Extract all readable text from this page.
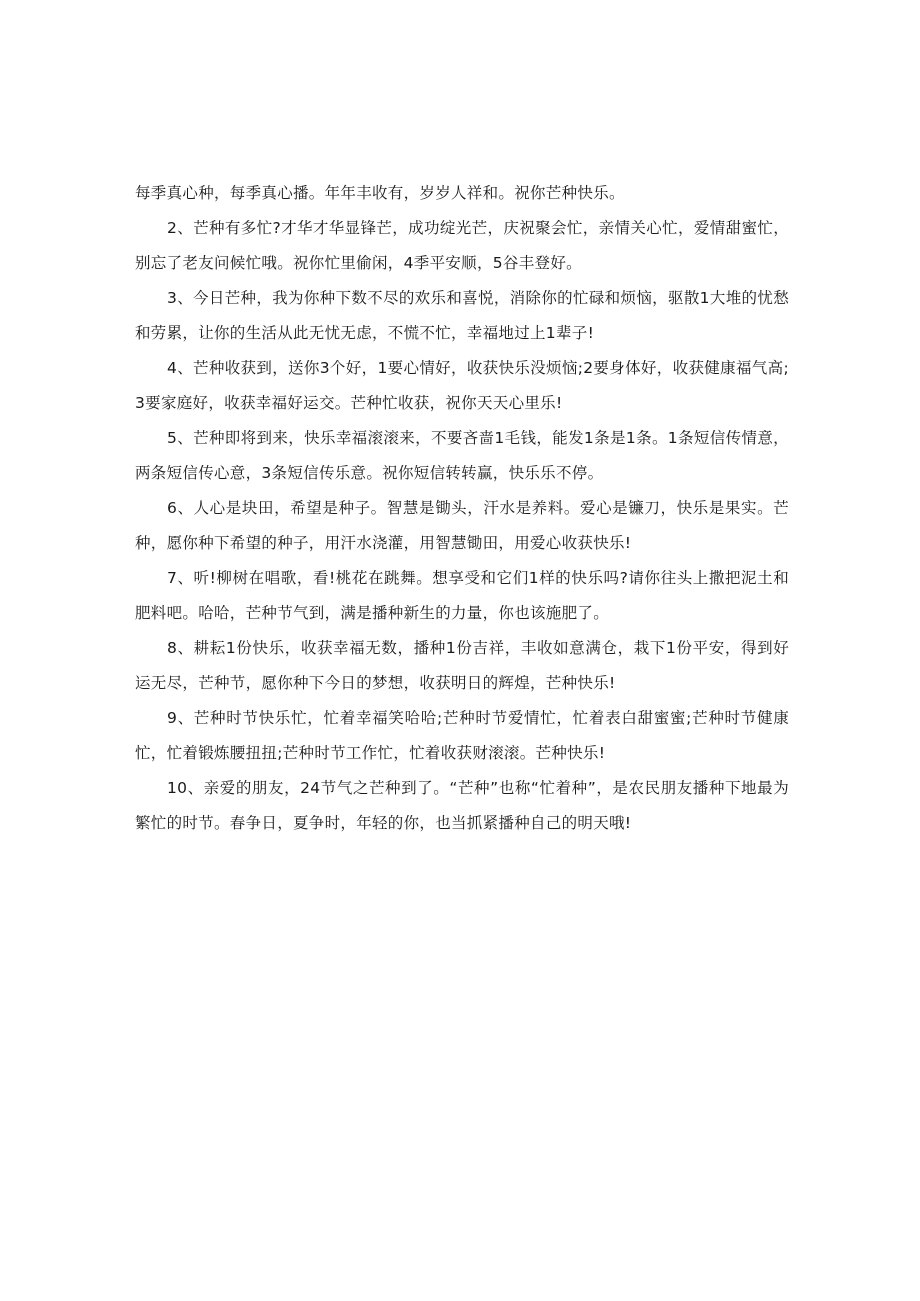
每季真心种，每季真心播。年年丰收有，岁岁人祥和。祝你芒种快乐。

2、芒种有多忙?才华才华显锋芒，成功绽光芒，庆祝聚会忙，亲情关心忙，爱情甜蜜忙，别忘了老友问候忙哦。祝你忙里偷闲，4季平安顺，5谷丰登好。

3、今日芒种，我为你种下数不尽的欢乐和喜悦，消除你的忙碌和烦恼，驱散1大堆的忧愁和劳累，让你的生活从此无忧无虑，不慌不忙，幸福地过上1辈子!

4、芒种收获到，送你3个好，1要心情好，收获快乐没烦恼;2要身体好，收获健康福气高;3要家庭好，收获幸福好运交。芒种忙收获，祝你天天心里乐!

5、芒种即将到来，快乐幸福滚滚来，不要吝啬1毛钱，能发1条是1条。1条短信传情意，两条短信传心意，3条短信传乐意。祝你短信转转赢，快乐乐不停。

6、人心是块田，希望是种子。智慧是锄头，汗水是养料。爱心是镰刀，快乐是果实。芒种，愿你种下希望的种子，用汗水浇灌，用智慧锄田，用爱心收获快乐!

7、听!柳树在唱歌，看!桃花在跳舞。想享受和它们1样的快乐吗?请你往头上撒把泥土和肥料吧。哈哈，芒种节气到，满是播种新生的力量，你也该施肥了。

8、耕耘1份快乐，收获幸福无数，播种1份吉祥，丰收如意满仓，栽下1份平安，得到好运无尽，芒种节，愿你种下今日的梦想，收获明日的辉煌，芒种快乐!

9、芒种时节快乐忙，忙着幸福笑哈哈;芒种时节爱情忙，忙着表白甜蜜蜜;芒种时节健康忙，忙着锻炼腰扭扭;芒种时节工作忙，忙着收获财滚滚。芒种快乐!

10、亲爱的朋友，24节气之芒种到了。“芒种”也称“忙着种”，是农民朋友播种下地最为繁忙的时节。春争日，夏争时，年轻的你，也当抓紧播种自己的明天哦!
